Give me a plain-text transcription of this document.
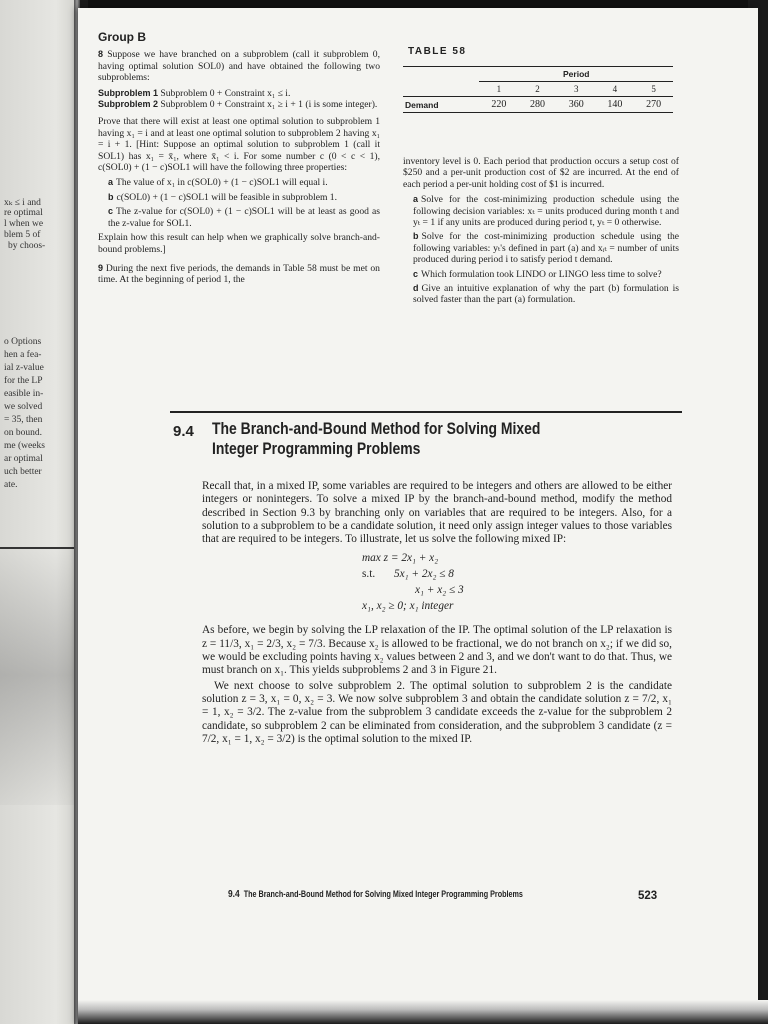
xₖ ≤ i and
re optimal
l when we
blem 5 of
by choos-
o Options
hen a fea-
ial z-value
for the LP
easible in-
we solved
= 35, then
on bound.
me (weeks
ar optimal
uch better
ate.
Group B

8 Suppose we have branched on a subproblem (call it subproblem 0, having optimal solution SOL0) and have obtained the following two subproblems:

Subproblem 1 Subproblem 0 + Constraint x₁ ≤ i.

Subproblem 2 Subproblem 0 + Constraint x₁ ≥ i + 1 (i is some integer).

Prove that there will exist at least one optimal solution to subproblem 1 having x₁ = i and at least one optimal solution to subproblem 2 having x₁ = i + 1. [Hint: Suppose an optimal solution to subproblem 1 (call it SOL1) has x₁ = x̄₁, where x̄₁ < i. For some number c (0 < c < 1), c(SOL0) + (1 − c)SOL1 will have the following three properties:

a The value of x₁ in c(SOL0) + (1 − c)SOL1 will equal i.

b c(SOL0) + (1 − c)SOL1 will be feasible in subproblem 1.

c The z-value for c(SOL0) + (1 − c)SOL1 will be at least as good as the z-value for SOL1.

Explain how this result can help when we graphically solve branch-and-bound problems.]

9 During the next five periods, the demands in Table 58 must be met on time. At the beginning of period 1, the

TABLE 58
	Period				
	1	2	3	4	5
Demand	220	280	360	140	270

inventory level is 0. Each period that production occurs a setup cost of $250 and a per-unit production cost of $2 are incurred. At the end of each period a per-unit holding cost of $1 is incurred.

a Solve for the cost-minimizing production schedule using the following decision variables: xₜ = units produced during month t and yₜ = 1 if any units are produced during period t, yₜ = 0 otherwise.

b Solve for the cost-minimizing production schedule using the following variables: yₜ's defined in part (a) and xᵢₜ = number of units produced during period i to satisfy period t demand.

c Which formulation took LINDO or LINGO less time to solve?

d Give an intuitive explanation of why the part (b) formulation is solved faster than the part (a) formulation.

9.4 The Branch-and-Bound Method for Solving Mixed Integer Programming Problems

Recall that, in a mixed IP, some variables are required to be integers and others are allowed to be either integers or nonintegers. To solve a mixed IP by the branch-and-bound method, modify the method described in Section 9.3 by branching only on variables that are required to be integers. Also, for a solution to a subproblem to be a candidate solution, it need only assign integer values to those variables that are required to be integers. To illustrate, let us solve the following mixed IP:

max z = 2x₁ + x₂
s.t. 5x₁ + 2x₂ ≤ 8
x₁ + x₂ ≤ 3
x₁, x₂ ≥ 0; x₁ integer

As before, we begin by solving the LP relaxation of the IP. The optimal solution of the LP relaxation is z = 11/3, x₁ = 2/3, x₂ = 7/3. Because x₂ is allowed to be fractional, we do not branch on x₂; if we did so, we would be excluding points having x₂ values between 2 and 3, and we don't want to do that. Thus, we must branch on x₁. This yields subproblems 2 and 3 in Figure 21.

We next choose to solve subproblem 2. The optimal solution to subproblem 2 is the candidate solution z = 3, x₁ = 0, x₂ = 3. We now solve subproblem 3 and obtain the candidate solution z = 7/2, x₁ = 1, x₂ = 3/2. The z-value from the subproblem 3 candidate exceeds the z-value for the subproblem 2 candidate, so subproblem 2 can be eliminated from consideration, and the subproblem 3 candidate (z = 7/2, x₁ = 1, x₂ = 3/2) is the optimal solution to the mixed IP.

9.4 The Branch-and-Bound Method for Solving Mixed Integer Programming Problems	523
